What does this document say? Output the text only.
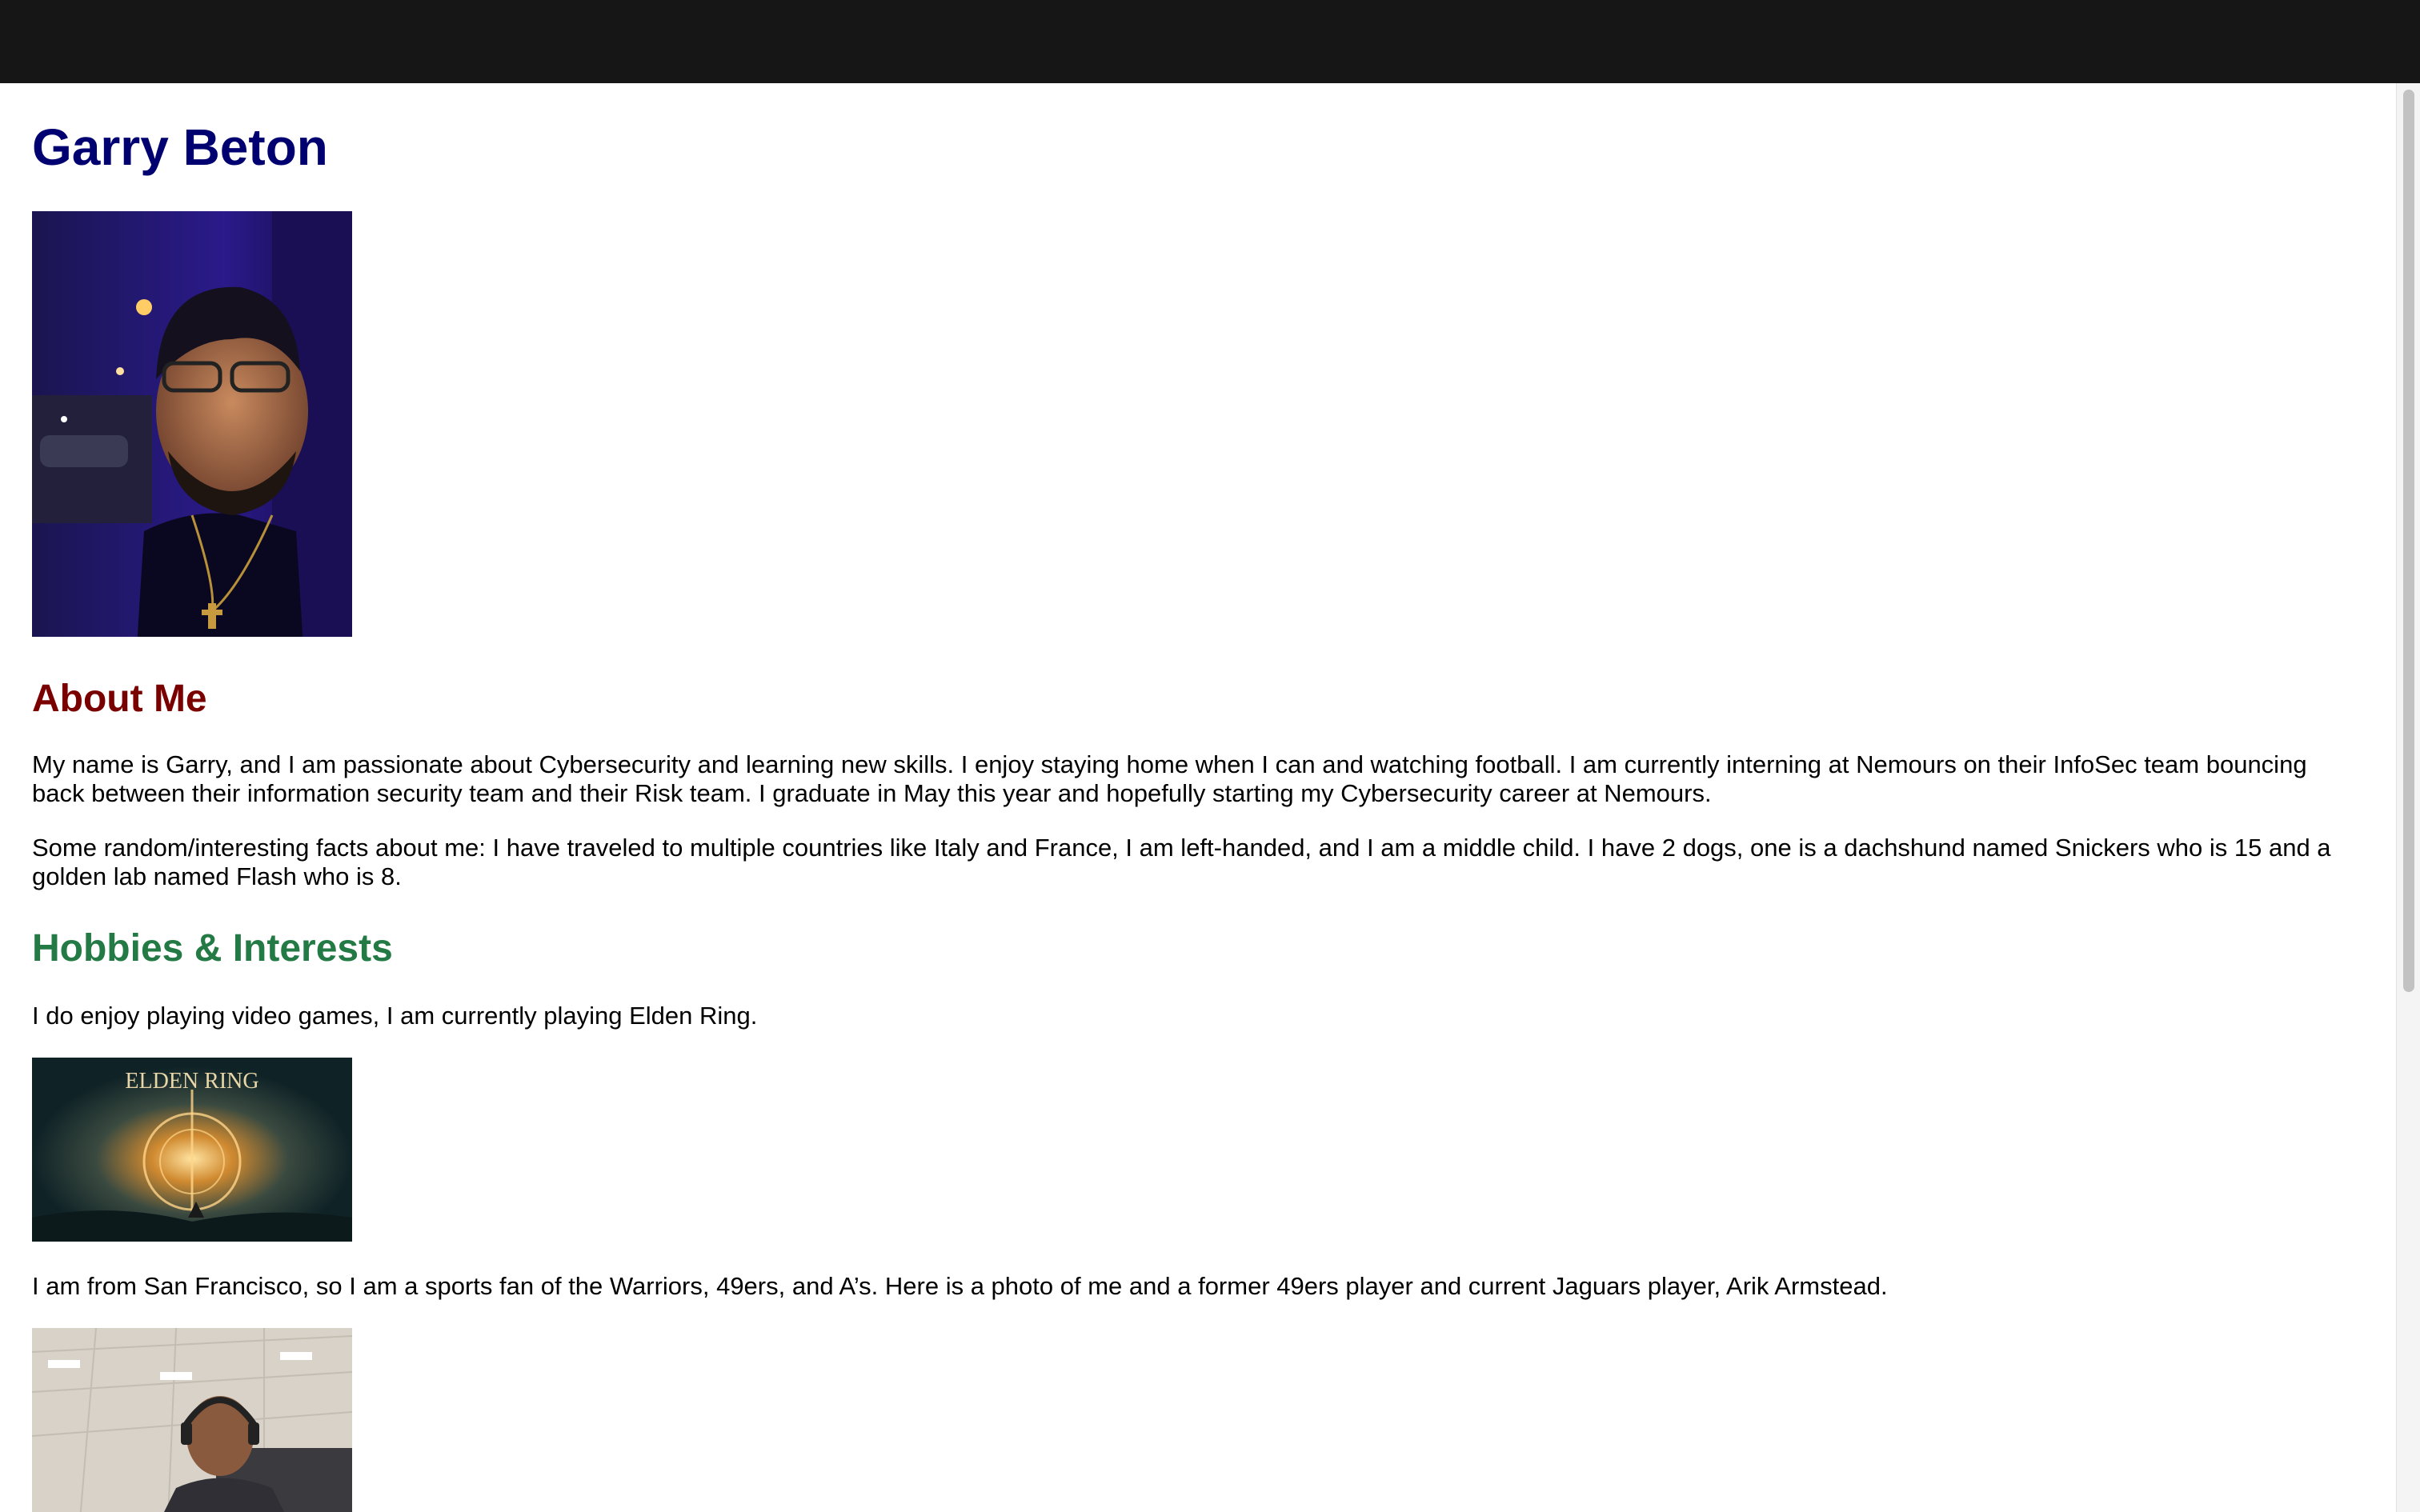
Garry Beton
About Me

My name is Garry, and I am passionate about Cybersecurity and learning new skills. I enjoy staying home when I can and watching football. I am currently interning at Nemours on their InfoSec team bouncing back between their information security team and their Risk team. I graduate in May this year and hopefully starting my Cybersecurity career at Nemours.

Some random/interesting facts about me: I have traveled to multiple countries like Italy and France, I am left-handed, and I am a middle child. I have 2 dogs, one is a dachshund named Snickers who is 15 and a golden lab named Flash who is 8.

Hobbies & Interests

I do enjoy playing video games, I am currently playing Elden Ring.

ELDEN RING

I am from San Francisco, so I am a sports fan of the Warriors, 49ers, and A’s. Here is a photo of me and a former 49ers player and current Jaguars player, Arik Armstead.
